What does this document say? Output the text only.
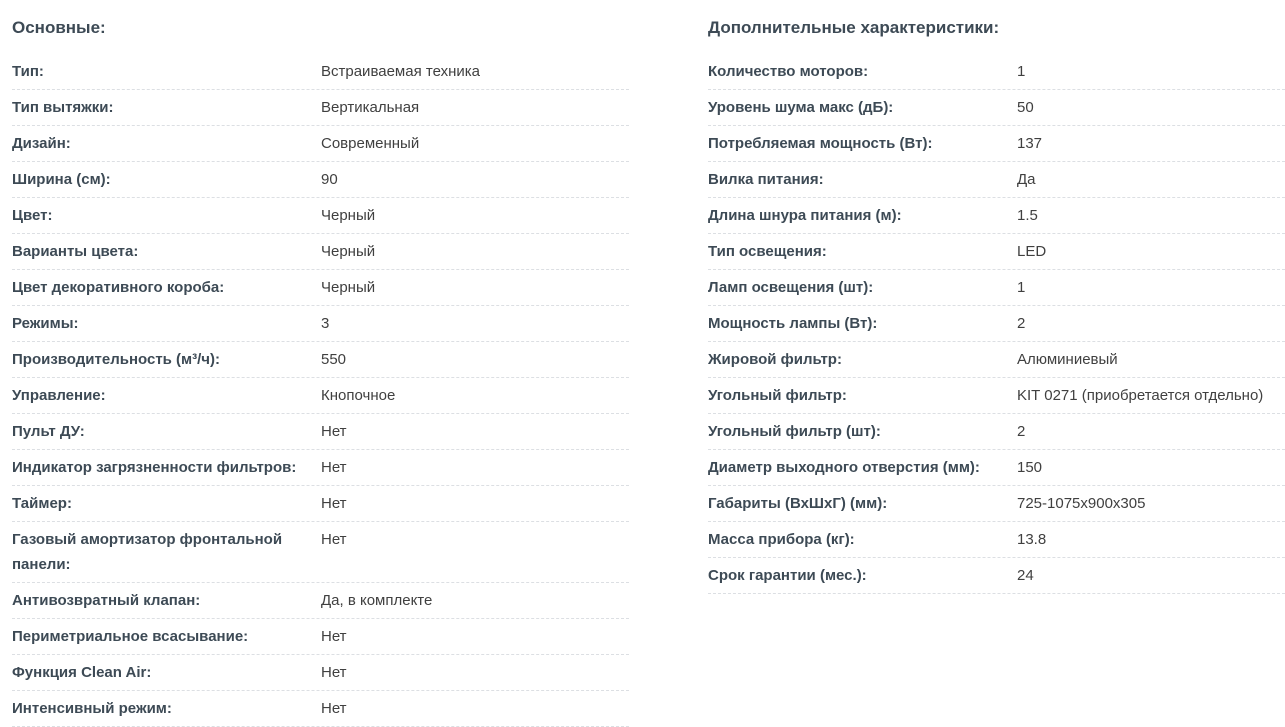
Основные:
Тип:	Встраиваемая техника
Тип вытяжки:	Вертикальная
Дизайн:	Современный
Ширина (см):	90
Цвет:	Черный
Варианты цвета:	Черный
Цвет декоративного короба:	Черный
Режимы:	3
Производительность (м³/ч):	550
Управление:	Кнопочное
Пульт ДУ:	Нет
Индикатор загрязненности фильтров:	Нет
Таймер:	Нет
Газовый амортизатор фронтальной панели:
Нет
Антивозвратный клапан:	Да, в комплекте
Периметриальное всасывание:	Нет
Функция Clean Air:	Нет
Интенсивный режим:	Нет
Дополнительные характеристики:
Количество моторов:	1
Уровень шума макс (дБ):	50
Потребляемая мощность (Вт):	137
Вилка питания:	Да
Длина шнура питания (м):	1.5
Тип освещения:	LED
Ламп освещения (шт):	1
Мощность лампы (Вт):	2
Жировой фильтр:	Алюминиевый
Угольный фильтр:	KIT 0271 (приобретается отдельно)
Угольный фильтр (шт):	2
Диаметр выходного отверстия (мм):	150
Габариты (ВхШхГ) (мм):	725-1075x900x305
Масса прибора (кг):	13.8
Срок гарантии (мес.):	24
